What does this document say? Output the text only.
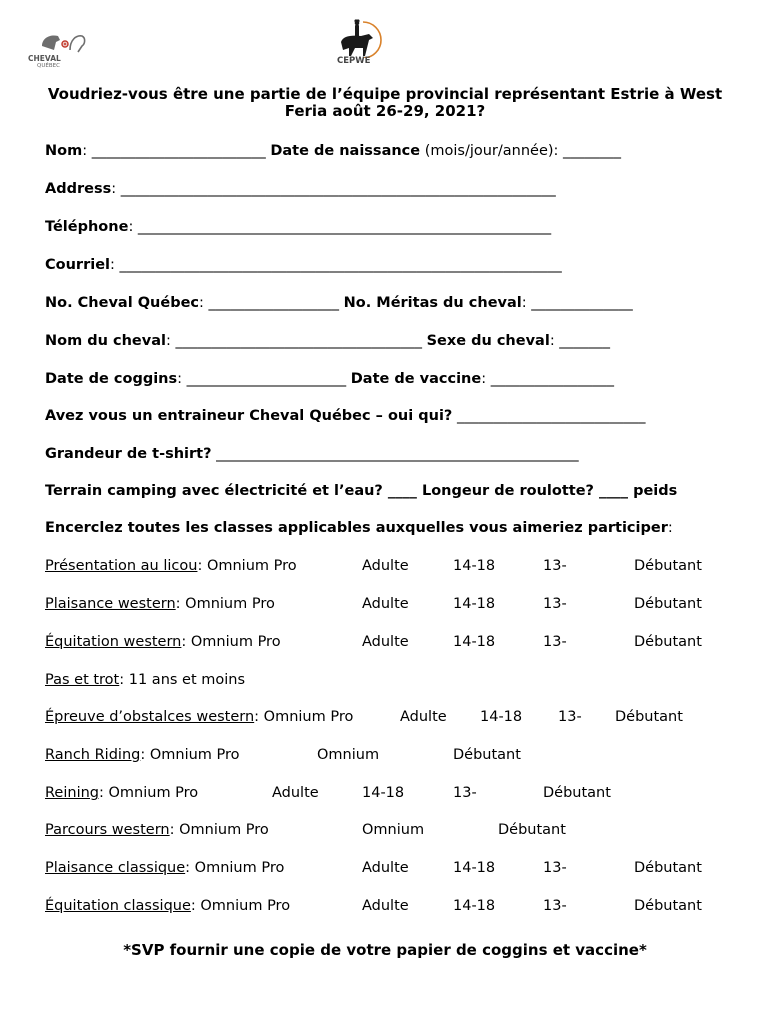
CHEVAL
QUÉBEC	CEPWE
Voudriez-vous être une partie de l’équipe provincial représentant Estrie à West Feria août 26-29, 2021?
Nom: ________________________ Date de naissance (mois/jour/année): ________
Address: ____________________________________________________________
Téléphone: _________________________________________________________
Courriel: _____________________________________________________________
No. Cheval Québec: __________________ No. Méritas du cheval: ______________
Nom du cheval: __________________________________ Sexe du cheval: _______
Date de coggins: ______________________ Date de vaccine: _________________
Avez vous un entraineur Cheval Québec – oui qui? __________________________
Grandeur de t-shirt? __________________________________________________
Terrain camping avec électricité et l’eau? ____ Longeur de roulotte? ____ peids
Encerclez toutes les classes applicables auxquelles vous aimeriez participer:
Présentation au licou: Omnium Pro	Adulte	14-18	13-	Débutant
Plaisance western: Omnium Pro	Adulte	14-18	13-	Débutant
Équitation western: Omnium Pro	Adulte	14-18	13-	Débutant
Pas et trot: 11 ans et moins
Épreuve d’obstalces western: Omnium Pro	Adulte 14-18 13- Débutant
Ranch Riding: Omnium Pro	Omnium	Débutant
Reining: Omnium Pro	Adulte	14-18	13-	Débutant
Parcours western: Omnium Pro	Omnium	Débutant
Plaisance classique: Omnium Pro	Adulte	14-18	13-	Débutant
Équitation classique: Omnium Pro	Adulte	14-18	13-	Débutant
*SVP fournir une copie de votre papier de coggins et vaccine*
